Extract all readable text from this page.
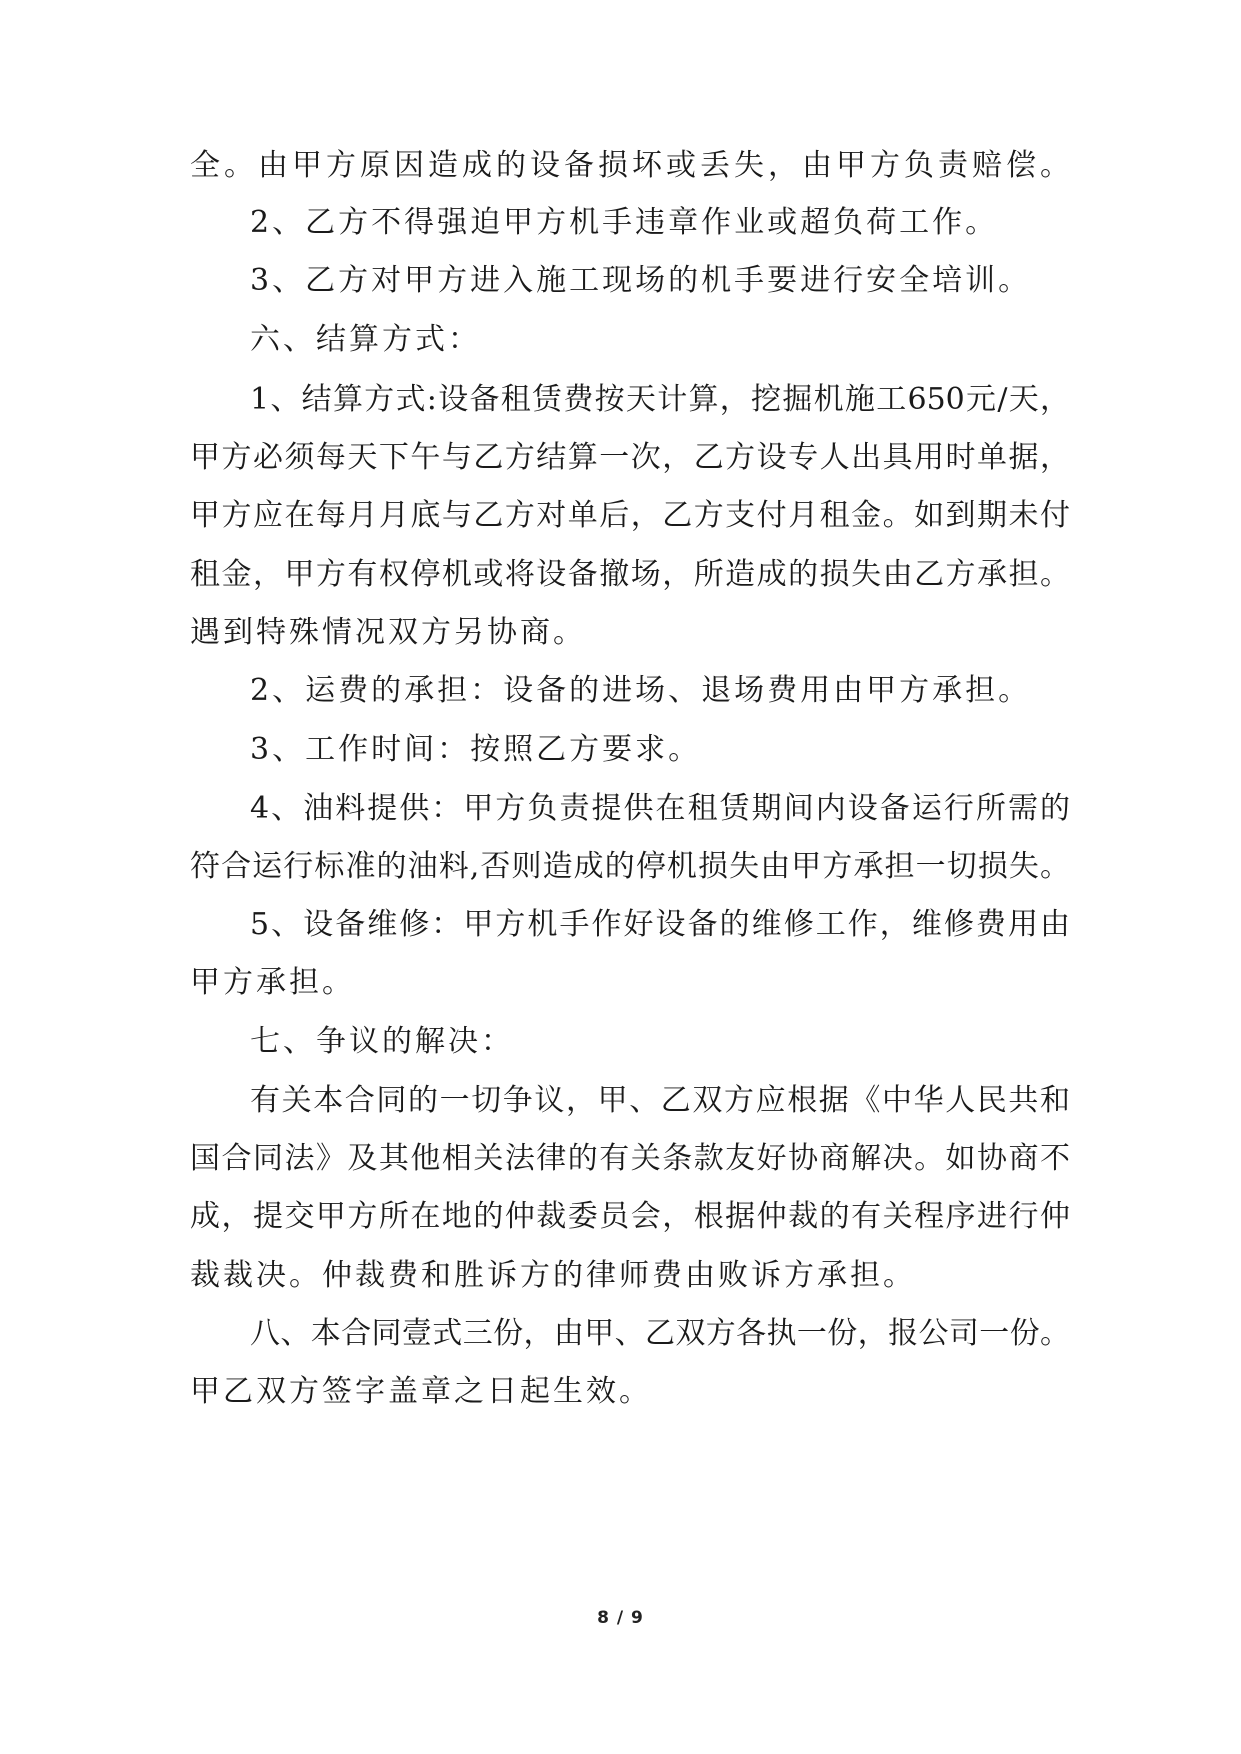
全。由甲方原因造成的设备损坏或丢失，由甲方负责赔偿。
2、乙方不得强迫甲方机手违章作业或超负荷工作。
3、乙方对甲方进入施工现场的机手要进行安全培训。
六、结算方式：
1、结算方式:设备租赁费按天计算，挖掘机施工650元/天，
甲方必须每天下午与乙方结算一次，乙方设专人出具用时单据，
甲方应在每月月底与乙方对单后，乙方支付月租金。如到期未付
租金，甲方有权停机或将设备撤场，所造成的损失由乙方承担。
遇到特殊情况双方另协商。
2、运费的承担：设备的进场、退场费用由甲方承担。
3、工作时间：按照乙方要求。
4、油料提供：甲方负责提供在租赁期间内设备运行所需的
符合运行标准的油料,否则造成的停机损失由甲方承担一切损失。
5、设备维修：甲方机手作好设备的维修工作，维修费用由
甲方承担。
七、争议的解决：
有关本合同的一切争议，甲、乙双方应根据《中华人民共和
国合同法》及其他相关法律的有关条款友好协商解决。如协商不
成，提交甲方所在地的仲裁委员会，根据仲裁的有关程序进行仲
裁裁决。仲裁费和胜诉方的律师费由败诉方承担。
八、本合同壹式三份，由甲、乙双方各执一份，报公司一份。
甲乙双方签字盖章之日起生效。
8 / 9
